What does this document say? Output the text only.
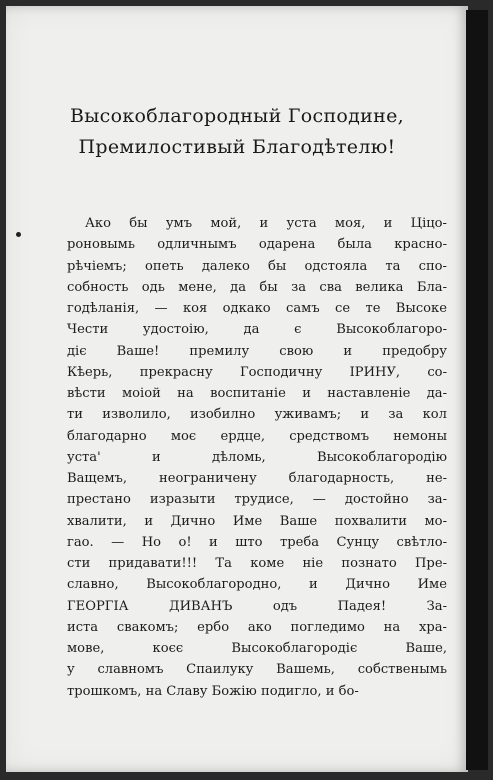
Высокоблагородный Господине,
Премилостивый Благодѣтелю!
Ако бы умъ мой, и уста моя, и Ціцо-
роновымь одличнымъ одарена была красно-
рѣчіемъ; опеть далеко бы одстояла та спо-
собность одь мене, да бы за сва велика Бла-
годѣланія, — коя одкако самъ се те Высоке
Чести удостоію, да є Высокоблагоро-
діє Ваше! премилу свою и предобру
Кѣерь, прекрасну Господичну ІРИНУ, со-
вѣсти моіой на воспитаніе и наставленіе да-
ти изволило, изобилно уживамъ; и за кол
благодарно моє ердце, средствомъ немоны
уста' и дѣломь, Высокоблагородію
Ващемъ, неограничену благодарность, не-
престано изразыти трудисе, — достойно за-
хвалити, и Дично Име Ваше похвалити мо-
гао. — Но о! и што треба Сунцу свѣтло-
сти придавати!!! Та коме ніе познато Пре-
славно, Высокоблагородно, и Дично Име
ГЕОРГІА ДИВАНЪ одъ Падея! За-
иста свакомъ; ербо ако погледимо на хра-
мове, коєє Высокоблагородіє Ваше,
у славномъ Спаилуку Вашемь, собственымь
трошкомъ, на Славу Божію подигло, и бо-
